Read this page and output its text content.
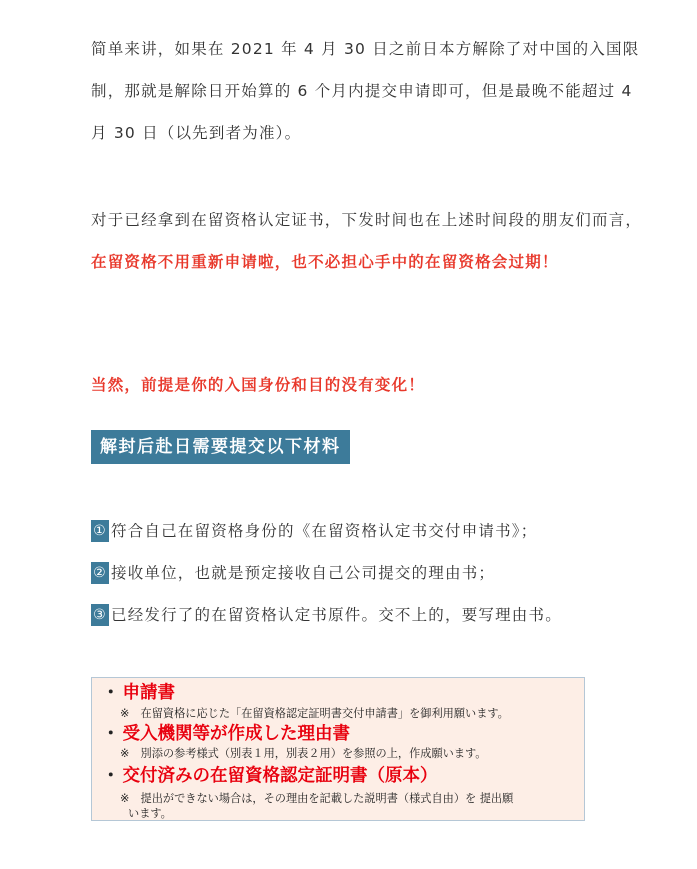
简单来讲，如果在 2021 年 4 月 30 日之前日本方解除了对中国的入国限制，那就是解除日开始算的 6 个月内提交申请即可，但是最晚不能超过 4 月 30 日（以先到者为准）。

对于已经拿到在留资格认定证书，下发时间也在上述时间段的朋友们而言，在留资格不用重新申请啦，也不必担心手中的在留资格会过期！

当然，前提是你的入国身份和目的没有变化！

解封后赴日需要提交以下材料
① 符合自己在留资格身份的《在留资格认定书交付申请书》；
② 接收单位，也就是预定接收自己公司提交的理由书；
③ 已经发行了的在留资格认定书原件。交不上的，要写理由书。
・ 申請書
※　在留資格に応じた「在留資格認定証明書交付申請書」を御利用願います。
・ 受入機関等が作成した理由書
※　別添の参考様式（別表１用，別表２用）を参照の上，作成願います。
・ 交付済みの在留資格認定証明書（原本）
※　提出ができない場合は，その理由を記載した説明書（様式自由）を 提出願
います。
